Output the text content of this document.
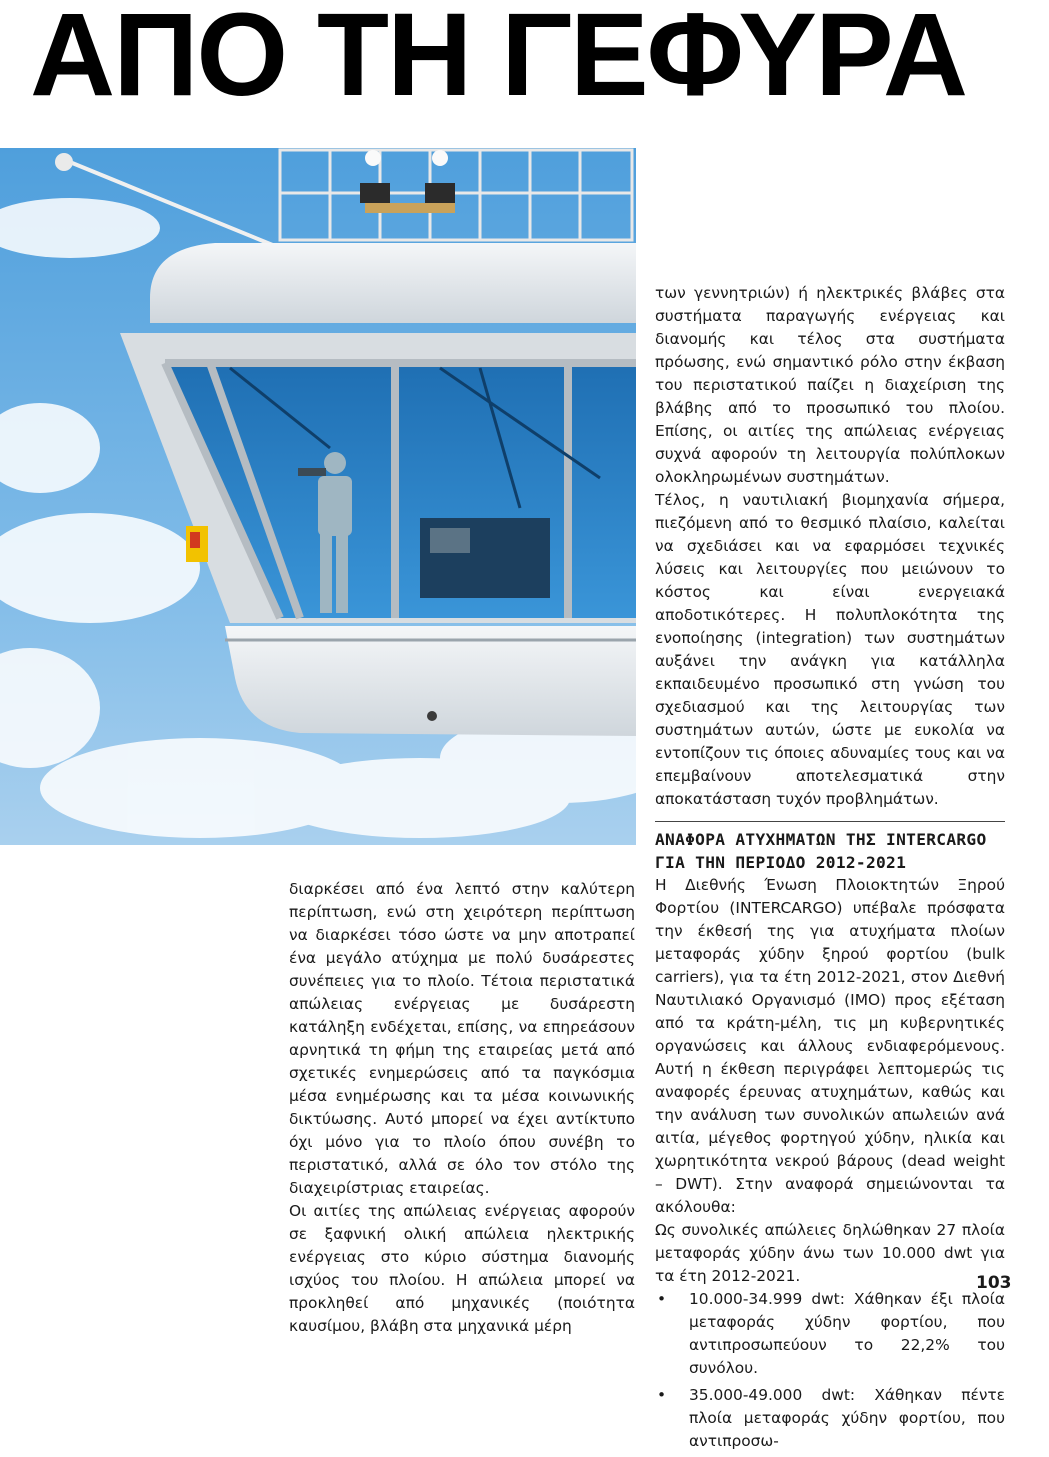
ΑΠΟ ΤΗ ΓΕΦΥΡΑ

διαρκέσει από ένα λεπτό στην καλύτερη περίπτωση, ενώ στη χειρότερη περίπτωση να διαρκέσει τόσο ώστε να μην αποτραπεί ένα μεγάλο ατύχημα με πολύ δυσάρεστες συνέπειες για το πλοίο. Τέτοια περιστατικά απώλειας ενέργειας με δυσάρεστη κατάληξη ενδέχεται, επίσης, να επηρεάσουν αρνητικά τη φήμη της εταιρείας μετά από σχετικές ενημερώσεις από τα παγκόσμια μέσα ενημέρωσης και τα μέσα κοινωνικής δικτύωσης. Αυτό μπορεί να έχει αντίκτυπο όχι μόνο για το πλοίο όπου συνέβη το περιστατικό, αλλά σε όλο τον στόλο της διαχειρίστριας εταιρείας.

Οι αιτίες της απώλειας ενέργειας αφορούν σε ξαφνική ολική απώλεια ηλεκτρικής ενέργειας στο κύριο σύστημα διανομής ισχύος του πλοίου. Η απώλεια μπορεί να προκληθεί από μηχανικές (ποιότητα καυσίμου, βλάβη στα μηχανικά μέρη

των γεννητριών) ή ηλεκτρικές βλάβες στα συστήματα παραγωγής ενέργειας και διανομής και τέλος στα συστήματα πρόωσης, ενώ σημαντικό ρόλο στην έκβαση του περιστατικού παίζει η διαχείριση της βλάβης από το προσωπικό του πλοίου. Επίσης, οι αιτίες της απώλειας ενέργειας συχνά αφορούν τη λειτουργία πολύπλοκων ολοκληρωμένων συστημάτων.

Τέλος, η ναυτιλιακή βιομηχανία σήμερα, πιεζόμενη από το θεσμικό πλαίσιο, καλείται να σχεδιάσει και να εφαρμόσει τεχνικές λύσεις και λειτουργίες που μειώνουν το κόστος και είναι ενεργειακά αποδοτικότερες. Η πολυπλοκότητα της ενοποίησης (integration) των συστημάτων αυξάνει την ανάγκη για κατάλληλα εκπαιδευμένο προσωπικό στη γνώση του σχεδιασμού και της λειτουργίας των συστημάτων αυτών, ώστε με ευκολία να εντοπίζουν τις όποιες αδυναμίες τους και να επεμβαίνουν αποτελεσματικά στην αποκατάσταση τυχόν προβλημάτων.

ΑΝΑΦΟΡΑ ΑΤΥΧΗΜΑΤΩΝ ΤΗΣ INTERCARGO ΓΙΑ ΤΗΝ ΠΕΡΙΟΔΟ 2012-2021

Η Διεθνής Ένωση Πλοιοκτητών Ξηρού Φορτίου (INTERCARGO) υπέβαλε πρόσφατα την έκθεσή της για ατυχήματα πλοίων μεταφοράς χύδην ξηρού φορτίου (bulk carriers), για τα έτη 2012-2021, στον Διεθνή Ναυτιλιακό Οργανισμό (IMO) προς εξέταση από τα κράτη-μέλη, τις μη κυβερνητικές οργανώσεις και άλλους ενδιαφερόμενους. Αυτή η έκθεση περιγράφει λεπτομερώς τις αναφορές έρευνας ατυχημάτων, καθώς και την ανάλυση των συνολικών απωλειών ανά αιτία, μέγεθος φορτηγού χύδην, ηλικία και χωρητικότητα νεκρού βάρους (dead weight – DWT). Στην αναφορά σημειώνονται τα ακόλουθα:

Ως συνολικές απώλειες δηλώθηκαν 27 πλοία μεταφοράς χύδην άνω των 10.000 dwt για τα έτη 2012-2021.

• 10.000-34.999 dwt: Χάθηκαν έξι πλοία μεταφοράς χύδην φορτίου, που αντιπροσωπεύουν το 22,2% του συνόλου.
• 35.000-49.000 dwt: Χάθηκαν πέντε πλοία μεταφοράς χύδην φορτίου, που αντιπροσω-
103
